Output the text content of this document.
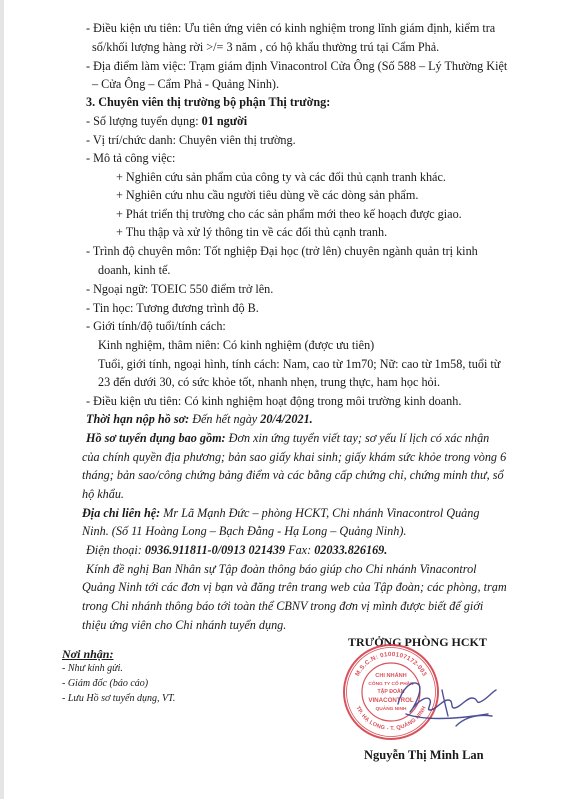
- Điều kiện ưu tiên: Ưu tiên ứng viên có kinh nghiệm trong lĩnh giám định, kiểm tra
số/khối lượng hàng rời >/= 3 năm , có hộ khẩu thường trú tại Cẩm Phả.
- Địa điểm làm việc: Trạm giám định Vinacontrol Cửa Ông (Số 588 – Lý Thường Kiệt
– Cửa Ông – Cẩm Phả - Quảng Ninh).
3. Chuyên viên thị trường bộ phận Thị trường:
- Số lượng tuyển dụng: 01 người
- Vị trí/chức danh: Chuyên viên thị trường.
- Mô tả công việc:
+ Nghiên cứu sản phẩm của công ty và các đối thủ cạnh tranh khác.
+ Nghiên cứu nhu cầu người tiêu dùng về các dòng sản phẩm.
+ Phát triển thị trường cho các sản phẩm mới theo kế hoạch được giao.
+ Thu thập và xử lý thông tin về các đối thủ cạnh tranh.
- Trình độ chuyên môn: Tốt nghiệp Đại học (trở lên) chuyên ngành quản trị kinh
doanh, kinh tế.
- Ngoại ngữ: TOEIC 550 điểm trở lên.
- Tin học: Tương đương trình độ B.
- Giới tính/độ tuổi/tính cách:
Kinh nghiệm, thâm niên: Có kinh nghiệm (được ưu tiên)
Tuổi, giới tính, ngoại hình, tính cách: Nam, cao từ 1m70; Nữ: cao từ 1m58, tuổi từ
23 đến dưới 30, có sức khỏe tốt, nhanh nhẹn, trung thực, ham học hỏi.
- Điều kiện ưu tiên: Có kinh nghiệm hoạt động trong môi trường kinh doanh.
Thời hạn nộp hồ sơ: Đến hết ngày 20/4/2021.
Hồ sơ tuyển dụng bao gồm: Đơn xin ứng tuyển viết tay; sơ yếu lí lịch có xác nhận
của chính quyền địa phương; bản sao giấy khai sinh; giấy khám sức khỏe trong vòng 6
tháng; bản sao/công chứng bảng điểm và các bằng cấp chứng chỉ, chứng minh thư, sổ
hộ khẩu.
Địa chỉ liên hệ: Mr Lã Mạnh Đức – phòng HCKT, Chi nhánh Vinacontrol Quảng
Ninh. (Số 11 Hoàng Long – Bạch Đằng - Hạ Long – Quảng Ninh).
Điện thoại: 0936.911811-0/0913 021439 Fax: 02033.826169.
Kính đề nghị Ban Nhân sự Tập đoàn thông báo giúp cho Chi nhánh Vinacontrol
Quảng Ninh tới các đơn vị bạn và đăng trên trang web của Tập đoàn; các phòng, trạm
trong Chi nhánh thông báo tới toàn thể CBNV trong đơn vị mình được biết để giới
thiệu ứng viên cho Chi nhánh tuyển dụng.
Nơi nhận:
- Như kính gửi.
- Giám đốc (báo cáo)
- Lưu Hồ sơ tuyển dụng, VT.
TRƯỞNG PHÒNG HCKT
M.S.C.N: 0100107172-003
TP. HẠ LONG - T. QUẢNG NINH
CHI NHÁNH
CÔNG TY CỔ PHẦN
TẬP ĐOÀN
VINACONTROL
QUẢNG NINH
Nguyễn Thị Minh Lan
